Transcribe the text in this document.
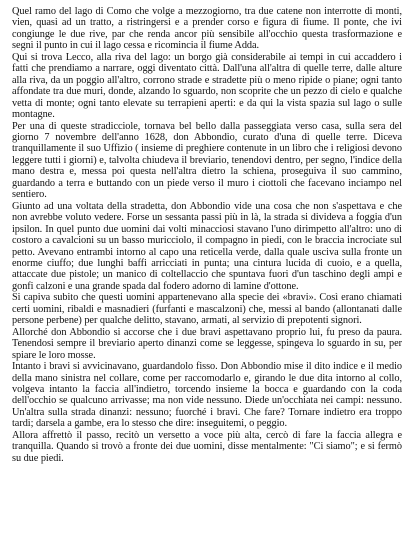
Quel ramo del lago di Como che volge a mezzogiorno, tra due catene non interrotte di monti, vien, quasi ad un tratto, a ristringersi e a prender corso e figura di fiume. Il ponte, che ivi congiunge le due rive, par che renda ancor più sensibile all'occhio questa trasformazione e segni il punto in cui il lago cessa e ricomincia il fiume Adda.

Qui si trova Lecco, alla riva del lago: un borgo già considerabile ai tempi in cui accaddero i fatti che prendiamo a narrare, oggi diventato città. Dall'una all'altra di quelle terre, dalle alture alla riva, da un poggio all'altro, corrono strade e stradette più o meno ripide o piane; ogni tanto affondate tra due muri, donde, alzando lo sguardo, non scoprite che un pezzo di cielo e qualche vetta di monte; ogni tanto elevate su terrapieni aperti: e da qui la vista spazia sul lago o sulle montagne.

Per una di queste stradicciole, tornava bel bello dalla passeggiata verso casa, sulla sera del giorno 7 novembre dell'anno 1628, don Abbondio, curato d'una di quelle terre. Diceva tranquillamente il suo Uffizio ( insieme di preghiere contenute in un libro che i religiosi devono leggere tutti i giorni) e, talvolta chiudeva il breviario, tenendovi dentro, per segno, l'indice della mano destra e, messa poi questa nell'altra dietro la schiena, proseguiva il suo cammino, guardando a terra e buttando con un piede verso il muro i ciottoli che facevano inciampo nel sentiero.

Giunto ad una voltata della stradetta, don Abbondio vide una cosa che non s'aspettava e che non avrebbe voluto vedere. Forse un sessanta passi più in là, la strada si divideva a foggia d'un ipsilon. In quel punto due uomini dai volti minacciosi stavano l'uno dirimpetto all'altro: uno di costoro a cavalcioni su un basso muricciolo, il compagno in piedi, con le braccia incrociate sul petto. Avevano entrambi intorno al capo una reticella verde, dalla quale usciva sulla fronte un enorme ciuffo; due lunghi baffi arricciati in punta; una cintura lucida di cuoio, e a quella, attaccate due pistole; un manico di coltellaccio che spuntava fuori d'un taschino degli ampi e gonfi calzoni e una grande spada dal fodero adorno di lamine d'ottone.

Si capiva subito che questi uomini appartenevano alla specie dei «bravi». Così erano chiamati certi uomini, ribaldi e masnadieri (furfanti e mascalzoni) che, messi al bando (allontanati dalle persone perbene) per qualche delitto, stavano, armati, al servizio di prepotenti signori.

Allorché don Abbondio si accorse che i due bravi aspettavano proprio lui, fu preso da paura. Tenendosi sempre il breviario aperto dinanzi come se leggesse, spingeva lo sguardo in su, per spiare le loro mosse.

Intanto i bravi si avvicinavano, guardandolo fisso. Don Abbondio mise il dito indice e il medio della mano sinistra nel collare, come per raccomodarlo e, girando le due dita intorno al collo, volgeva intanto la faccia all'indietro, torcendo insieme la bocca e guardando con la coda dell'occhio se qualcuno arrivasse; ma non vide nessuno. Diede un'occhiata nei campi: nessuno. Un'altra sulla strada dinanzi: nessuno; fuorché i bravi. Che fare? Tornare indietro era troppo tardi; darsela a gambe, era lo stesso che dire: inseguitemi, o peggio.

Allora affrettò il passo, recitò un versetto a voce più alta, cercò di fare la faccia allegra e tranquilla. Quando si trovò a fronte dei due uomini, disse mentalmente: "Ci siamo"; e si fermò su due piedi.
